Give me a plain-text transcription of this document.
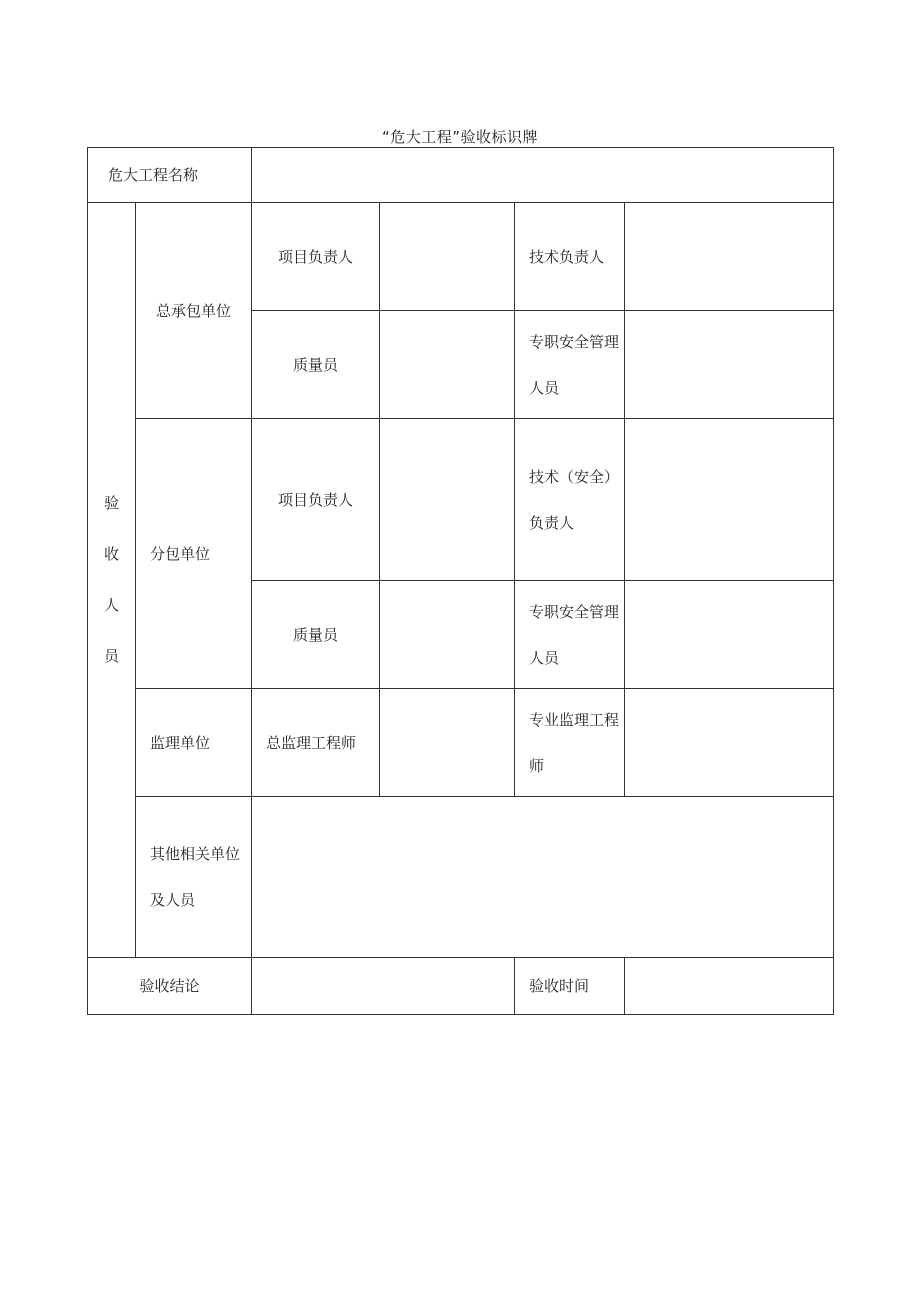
“危大工程”验收标识牌
危大工程名称					
验收人员	总承包单位	项目负责人		技术负责人	

		质量员		专职安全管理人员	

	分包单位	项目负责人		技术（安全）负责人	

		质量员		专职安全管理人员	

	监理单位	总监理工程师		专业监理工程师	

	其他相关单位及人员				

验收结论				验收时间	
